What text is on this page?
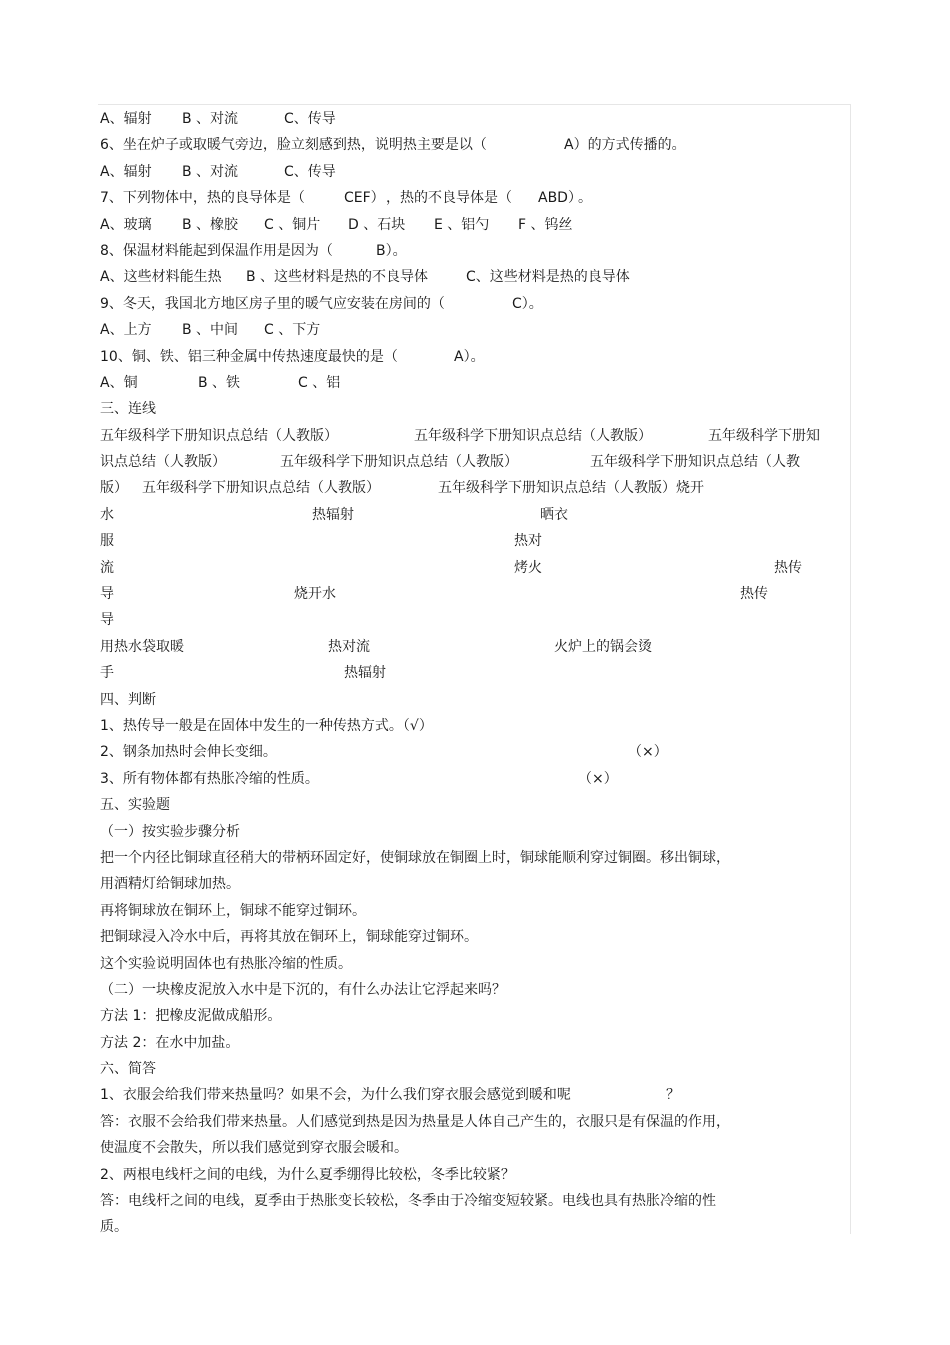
A、辐射 B 、对流	C、传导
6、坐在炉子或取暖气旁边，脸立刻感到热，说明热主要是以（	A）的方式传播的。
A、辐射 B 、对流	C、传导
7、下列物体中，热的良导体是（	CEF） ，热的不良导体是（ ABD）
。
A、玻璃 B 、橡胶 C 、铜片 D 、石块 E 、铝勺 F 、钨丝
8、保温材料能起到保温作用是因为（	B）。
A、这些材料能生热 B 、这些材料是热的不良导体	C、这些材料是热的良导体
9、冬天，我国北方地区房子里的暖气应安装在房间的（	C）。
A、上方 B 、中间 C 、下方
10、铜、铁、铝三种金属中传热速度最快的是（	A）。
A、铜	B 、铁	C 、铝
三、连线
五年级科学下册知识点总结（人教版）	五年级科学下册知识点总结（人教版）	五年级科学下册知
识点总结（人教版）	五年级科学下册知识点总结（人教版）	五年级科学下册知识点总结（人教
版） 五年级科学下册知识点总结（人教版）	五年级科学下册知识点总结（人教版）烧开
水	热辐射	晒衣
服	热对
流	烤火	热传
导	烧开水	热传
导
用热水袋取暖	热对流	火炉上的锅会烫
手	热辐射
四、判断
1、热传导一般是在固体中发生的一种传热方式。（√）
2、钢条加热时会伸长变细。	（×）
3、所有物体都有热胀冷缩的性质。	（×）
五、实验题
（一）按实验步骤分析
把一个内径比铜球直径稍大的带柄环固定好，使铜球放在铜圈上时，铜球能顺利穿过铜圈。移出铜球，
用酒精灯给铜球加热。
再将铜球放在铜环上，铜球不能穿过铜环。
把铜球浸入冷水中后，再将其放在铜环上，铜球能穿过铜环。
这个实验说明固体也有热胀冷缩的性质。
（二）一块橡皮泥放入水中是下沉的，有什么办法让它浮起来吗？
方法 1：把橡皮泥做成船形。
方法 2：在水中加盐。
六、简答
1、衣服会给我们带来热量吗？如果不会，为什么我们穿衣服会感觉到暖和呢	？
答：衣服不会给我们带来热量。人们感觉到热是因为热量是人体自己产生的，衣服只是有保温的作用，
使温度不会散失，所以我们感觉到穿衣服会暖和。
2、两根电线杆之间的电线，为什么夏季绷得比较松，冬季比较紧？
答：电线杆之间的电线，夏季由于热胀变长较松，冬季由于冷缩变短较紧。电线也具有热胀冷缩的性
质。
